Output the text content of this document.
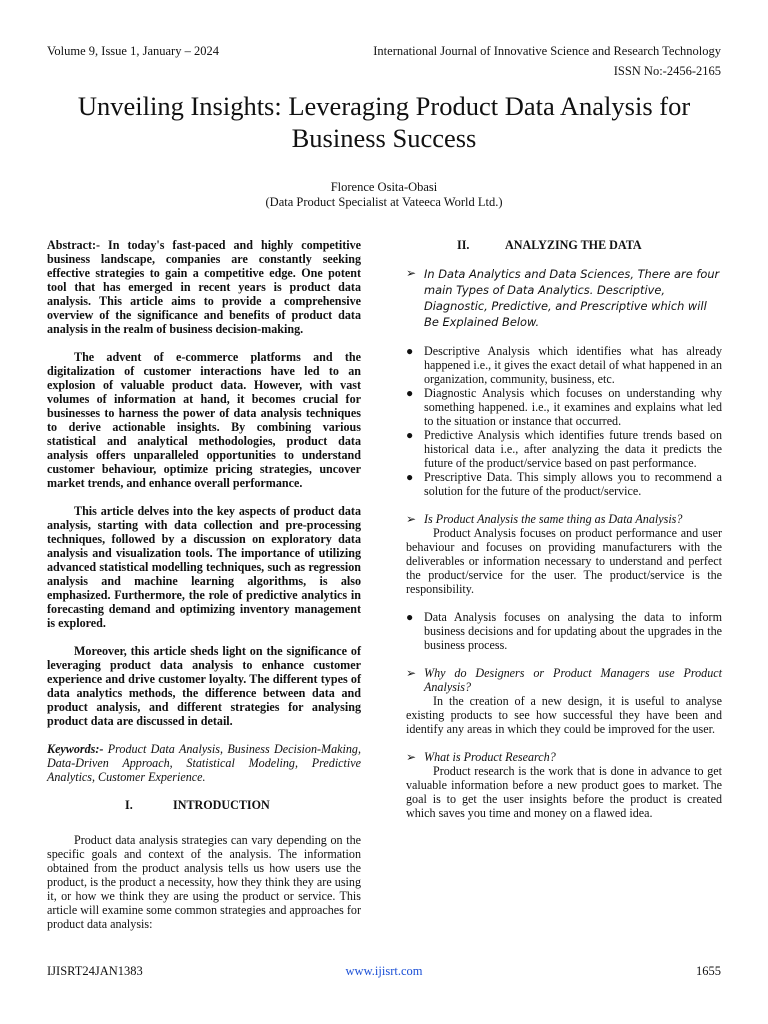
Volume 9, Issue 1, January – 2024	International Journal of Innovative Science and Research Technology
ISSN No:-2456-2165
Unveiling Insights: Leveraging Product Data Analysis for Business Success
Florence Osita-Obasi
(Data Product Specialist at Vateeca World Ltd.)

Abstract:- In today's fast-paced and highly competitive business landscape, companies are constantly seeking effective strategies to gain a competitive edge. One potent tool that has emerged in recent years is product data analysis. This article aims to provide a comprehensive overview of the significance and benefits of product data analysis in the realm of business decision-making.

The advent of e-commerce platforms and the digitalization of customer interactions have led to an explosion of valuable product data. However, with vast volumes of information at hand, it becomes crucial for businesses to harness the power of data analysis techniques to derive actionable insights. By combining various statistical and analytical methodologies, product data analysis offers unparalleled opportunities to understand customer behaviour, optimize pricing strategies, uncover market trends, and enhance overall performance.

This article delves into the key aspects of product data analysis, starting with data collection and pre-processing techniques, followed by a discussion on exploratory data analysis and visualization tools. The importance of utilizing advanced statistical modelling techniques, such as regression analysis and machine learning algorithms, is also emphasized. Furthermore, the role of predictive analytics in forecasting demand and optimizing inventory management is explored.

Moreover, this article sheds light on the significance of leveraging product data analysis to enhance customer experience and drive customer loyalty. The different types of data analytics methods, the difference between data and product analysis, and different strategies for analysing product data are discussed in detail.

Keywords:- Product Data Analysis, Business Decision-Making, Data-Driven Approach, Statistical Modeling, Predictive Analytics, Customer Experience.

I.	INTRODUCTION

Product data analysis strategies can vary depending on the specific goals and context of the analysis. The information obtained from the product analysis tells us how users use the product, is the product a necessity, how they think they are using it, or how we think they are using the product or service. This article will examine some common strategies and approaches for product data analysis:

II.	ANALYZING THE DATA
➢ In Data Analytics and Data Sciences, There are four main Types of Data Analytics. Descriptive, Diagnostic, Predictive, and Prescriptive which will Be Explained Below.
● Descriptive Analysis which identifies what has already happened i.e., it gives the exact detail of what happened in an organization, community, business, etc.
● Diagnostic Analysis which focuses on understanding why something happened. i.e., it examines and explains what led to the situation or instance that occurred.
● Predictive Analysis which identifies future trends based on historical data i.e., after analyzing the data it predicts the future of the product/service based on past performance.
● Prescriptive Data. This simply allows you to recommend a solution for the future of the product/service.
➢ Is Product Analysis the same thing as Data Analysis?

Product Analysis focuses on product performance and user behaviour and focuses on providing manufacturers with the deliverables or information necessary to understand and perfect the product/service for the user. The product/service is the responsibility.

● Data Analysis focuses on analysing the data to inform business decisions and for updating about the upgrades in the business process.
➢ Why do Designers or Product Managers use Product Analysis?

In the creation of a new design, it is useful to analyse existing products to see how successful they have been and identify any areas in which they could be improved for the user.

➢ What is Product Research?

Product research is the work that is done in advance to get valuable information before a new product goes to market. The goal is to get the user insights before the product is created which saves you time and money on a flawed idea.

IJISRT24JAN1383	www.ijisrt.com	1655
